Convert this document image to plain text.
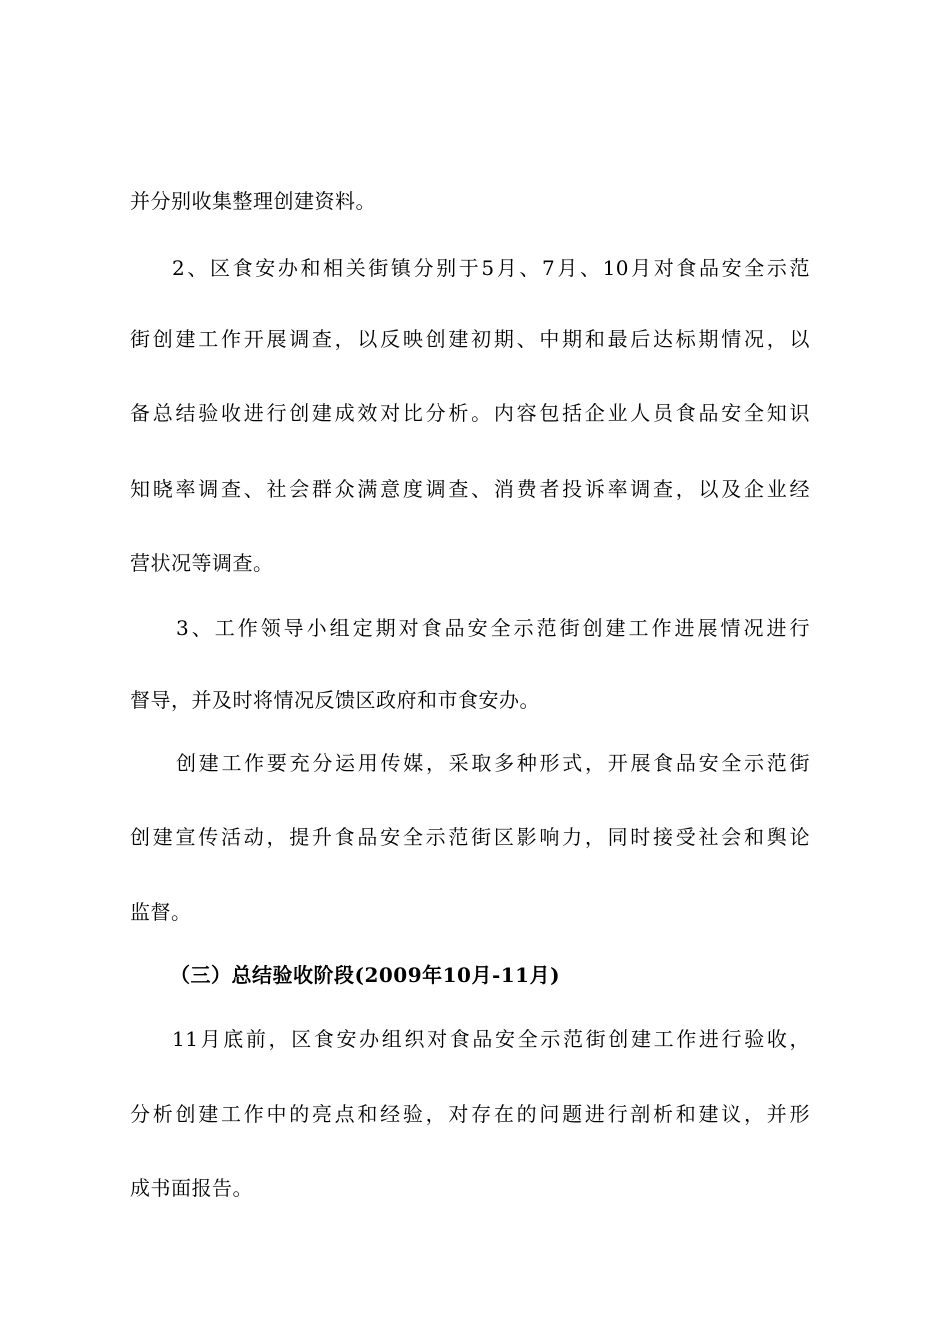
并分别收集整理创建资料。
2、区食安办和相关街镇分别于5月、7月、10月对食品安全示范
街创建工作开展调查，以反映创建初期、中期和最后达标期情况，以
备总结验收进行创建成效对比分析。内容包括企业人员食品安全知识
知晓率调查、社会群众满意度调查、消费者投诉率调查，以及企业经
营状况等调查。
3、工作领导小组定期对食品安全示范街创建工作进展情况进行
督导，并及时将情况反馈区政府和市食安办。
创建工作要充分运用传媒，采取多种形式，开展食品安全示范街
创建宣传活动，提升食品安全示范街区影响力，同时接受社会和舆论
监督。
（三）总结验收阶段(2009年10月-11月)
11月底前，区食安办组织对食品安全示范街创建工作进行验收，
分析创建工作中的亮点和经验，对存在的问题进行剖析和建议，并形
成书面报告。
